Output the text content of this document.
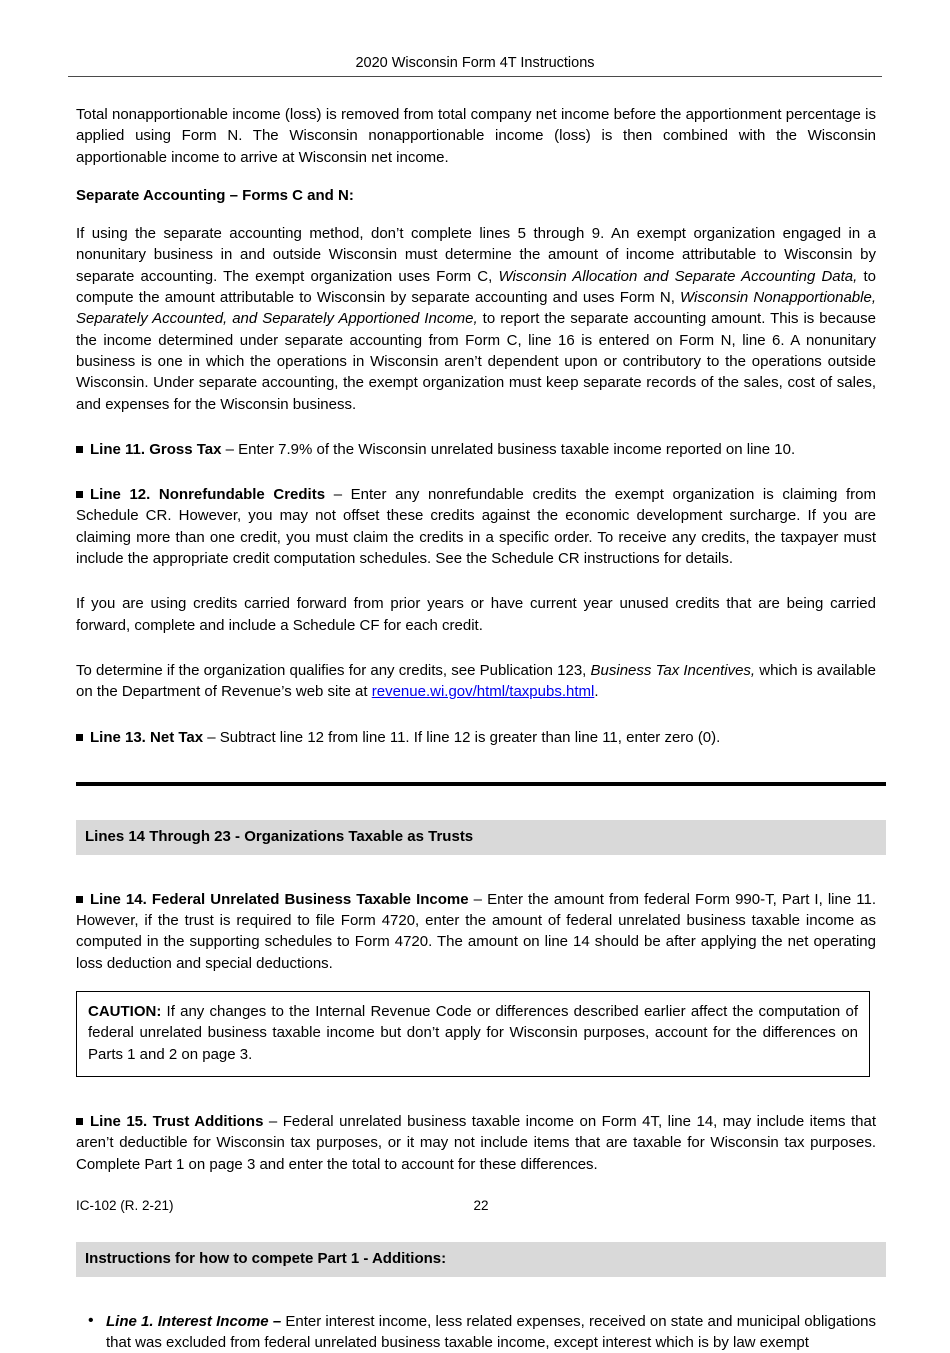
2020 Wisconsin Form 4T Instructions

Total nonapportionable income (loss) is removed from total company net income before the apportionment percentage is applied using Form N. The Wisconsin nonapportionable income (loss) is then combined with the Wisconsin apportionable income to arrive at Wisconsin net income.

Separate Accounting – Forms C and N:

If using the separate accounting method, don’t complete lines 5 through 9. An exempt organization engaged in a nonunitary business in and outside Wisconsin must determine the amount of income attributable to Wisconsin by separate accounting. The exempt organization uses Form C, Wisconsin Allocation and Separate Accounting Data, to compute the amount attributable to Wisconsin by separate accounting and uses Form N, Wisconsin Nonapportionable, Separately Accounted, and Separately Apportioned Income, to report the separate accounting amount. This is because the income determined under separate accounting from Form C, line 16 is entered on Form N, line 6. A nonunitary business is one in which the operations in Wisconsin aren’t dependent upon or contributory to the operations outside Wisconsin. Under separate accounting, the exempt organization must keep separate records of the sales, cost of sales, and expenses for the Wisconsin business.

Line 11. Gross Tax – Enter 7.9% of the Wisconsin unrelated business taxable income reported on line 10.

Line 12. Nonrefundable Credits – Enter any nonrefundable credits the exempt organization is claiming from Schedule CR. However, you may not offset these credits against the economic development surcharge. If you are claiming more than one credit, you must claim the credits in a specific order. To receive any credits, the taxpayer must include the appropriate credit computation schedules. See the Schedule CR instructions for details.

If you are using credits carried forward from prior years or have current year unused credits that are being carried forward, complete and include a Schedule CF for each credit.

To determine if the organization qualifies for any credits, see Publication 123, Business Tax Incentives, which is available on the Department of Revenue’s web site at revenue.wi.gov/html/taxpubs.html.

Line 13. Net Tax – Subtract line 12 from line 11. If line 12 is greater than line 11, enter zero (0).

Lines 14 Through 23 - Organizations Taxable as Trusts

Line 14. Federal Unrelated Business Taxable Income – Enter the amount from federal Form 990-T, Part I, line 11. However, if the trust is required to file Form 4720, enter the amount of federal unrelated business taxable income as computed in the supporting schedules to Form 4720. The amount on line 14 should be after applying the net operating loss deduction and special deductions.

CAUTION: If any changes to the Internal Revenue Code or differences described earlier affect the computation of federal unrelated business taxable income but don’t apply for Wisconsin purposes, account for the differences on Parts 1 and 2 on page 3.

Line 15. Trust Additions – Federal unrelated business taxable income on Form 4T, line 14, may include items that aren’t deductible for Wisconsin tax purposes, or it may not include items that are taxable for Wisconsin tax purposes. Complete Part 1 on page 3 and enter the total to account for these differences.

Instructions for how to compete Part 1 - Additions:
• Line 1. Interest Income – Enter interest income, less related expenses, received on state and municipal obligations that was excluded from federal unrelated business taxable income, except interest which is by law exempt
IC-102 (R. 2-21)	22
